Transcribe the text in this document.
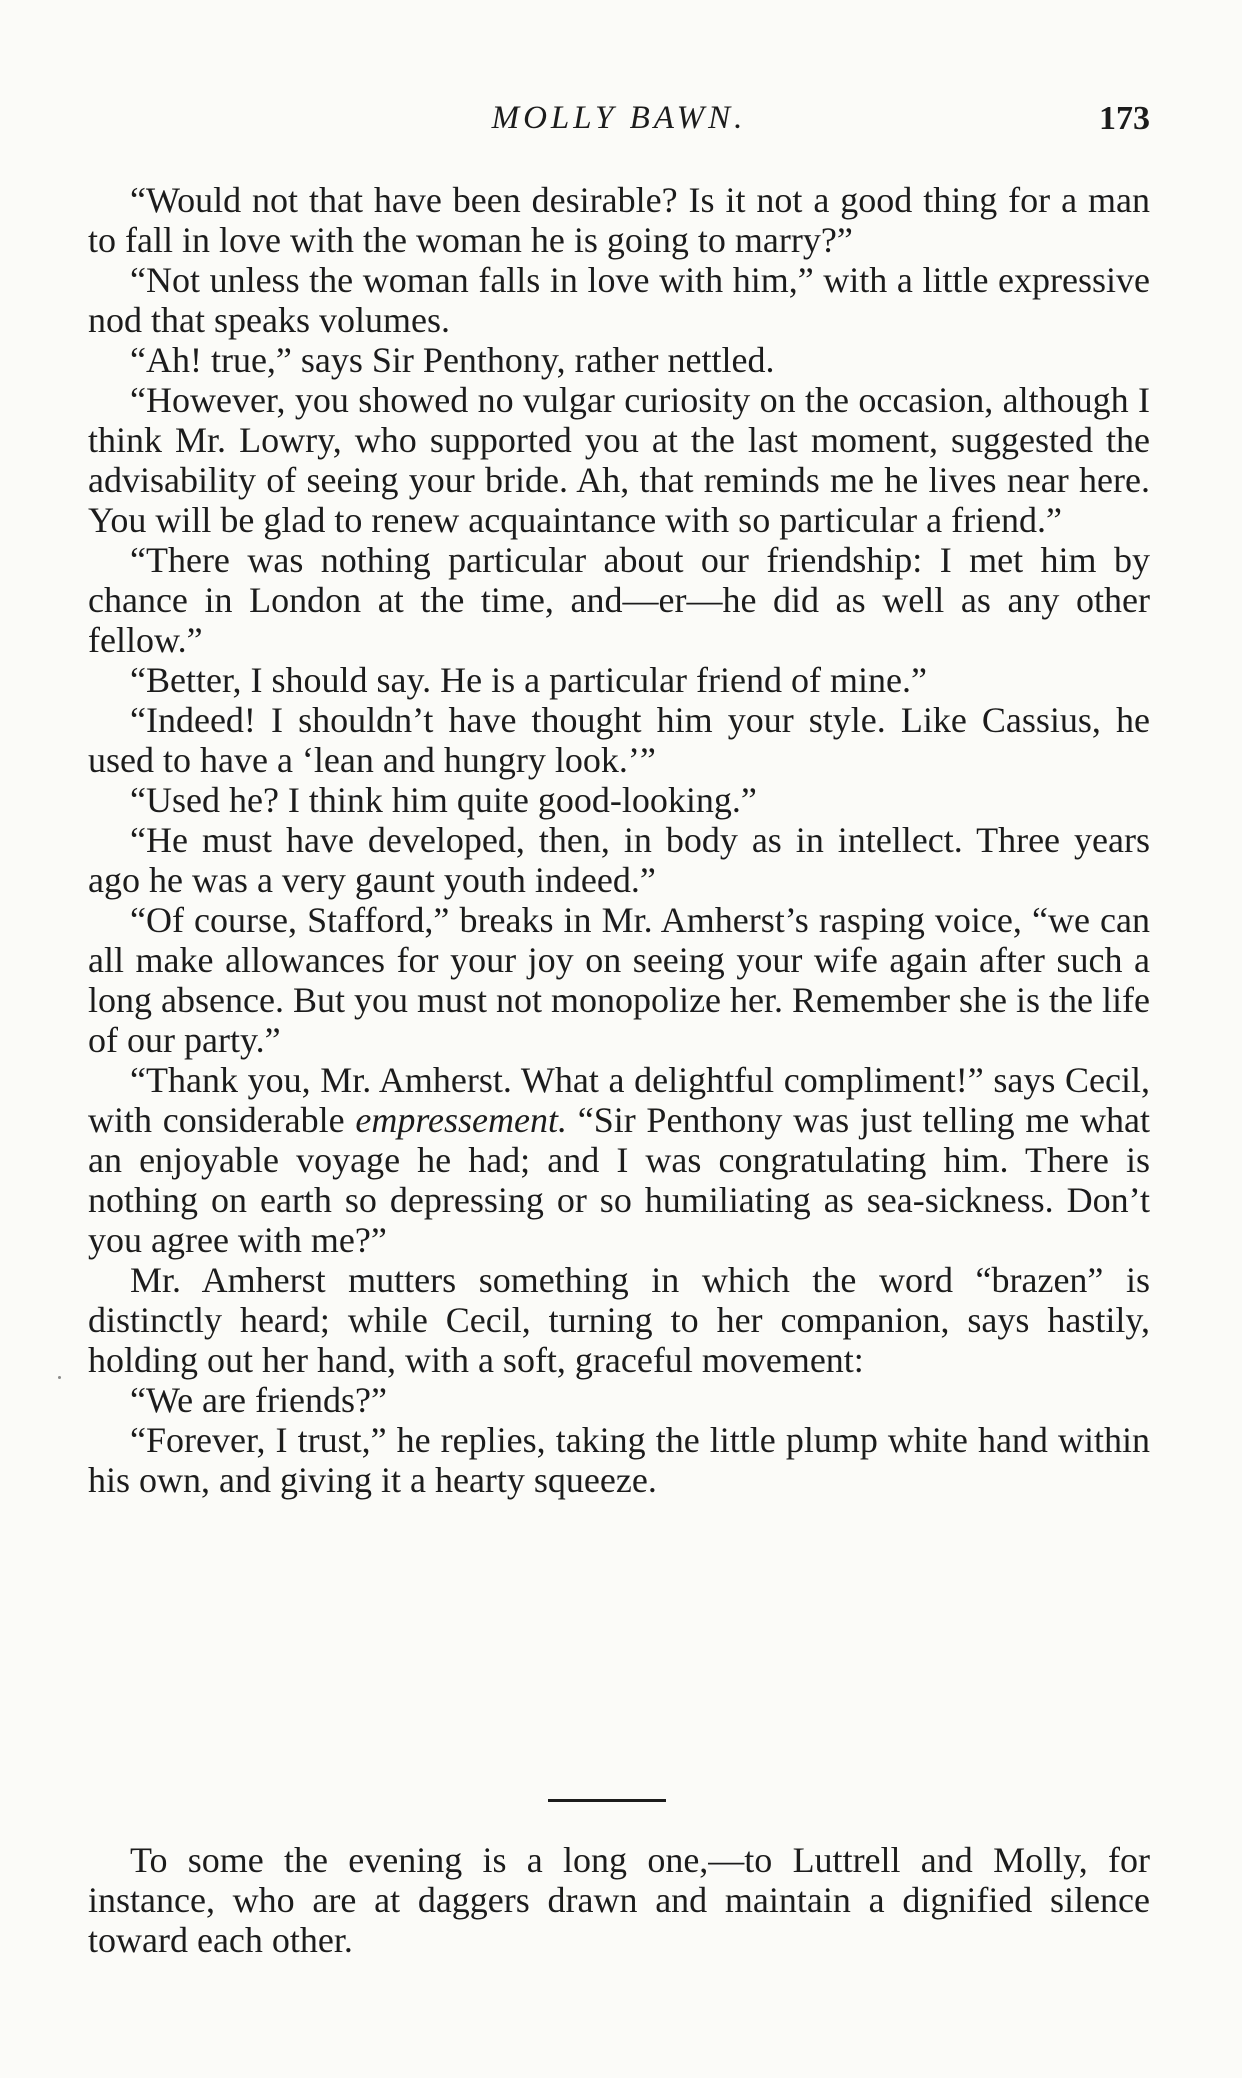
MOLLY BAWN.	173

“Would not that have been desirable? Is it not a good thing for a man to fall in love with the woman he is going to marry?”

“Not unless the woman falls in love with him,” with a little expressive nod that speaks volumes.

“Ah! true,” says Sir Penthony, rather nettled.

“However, you showed no vulgar curiosity on the occasion, although I think Mr. Lowry, who supported you at the last moment, suggested the advisability of seeing your bride. Ah, that reminds me he lives near here. You will be glad to renew acquaintance with so particular a friend.”

“There was nothing particular about our friendship: I met him by chance in London at the time, and—er—he did as well as any other fellow.”

“Better, I should say. He is a particular friend of mine.”

“Indeed! I shouldn’t have thought him your style. Like Cassius, he used to have a ‘lean and hungry look.’”

“Used he? I think him quite good-looking.”

“He must have developed, then, in body as in intellect. Three years ago he was a very gaunt youth indeed.”

“Of course, Stafford,” breaks in Mr. Amherst’s rasping voice, “we can all make allowances for your joy on seeing your wife again after such a long absence. But you must not monopolize her. Remember she is the life of our party.”

“Thank you, Mr. Amherst. What a delightful compliment!” says Cecil, with considerable empressement. “Sir Penthony was just telling me what an enjoyable voyage he had; and I was congratulating him. There is nothing on earth so depressing or so humiliating as sea-sickness. Don’t you agree with me?”

Mr. Amherst mutters something in which the word “brazen” is distinctly heard; while Cecil, turning to her companion, says hastily, holding out her hand, with a soft, graceful movement:

“We are friends?”

“Forever, I trust,” he replies, taking the little plump white hand within his own, and giving it a hearty squeeze.

To some the evening is a long one,—to Luttrell and Molly, for instance, who are at daggers drawn and maintain a dignified silence toward each other.
